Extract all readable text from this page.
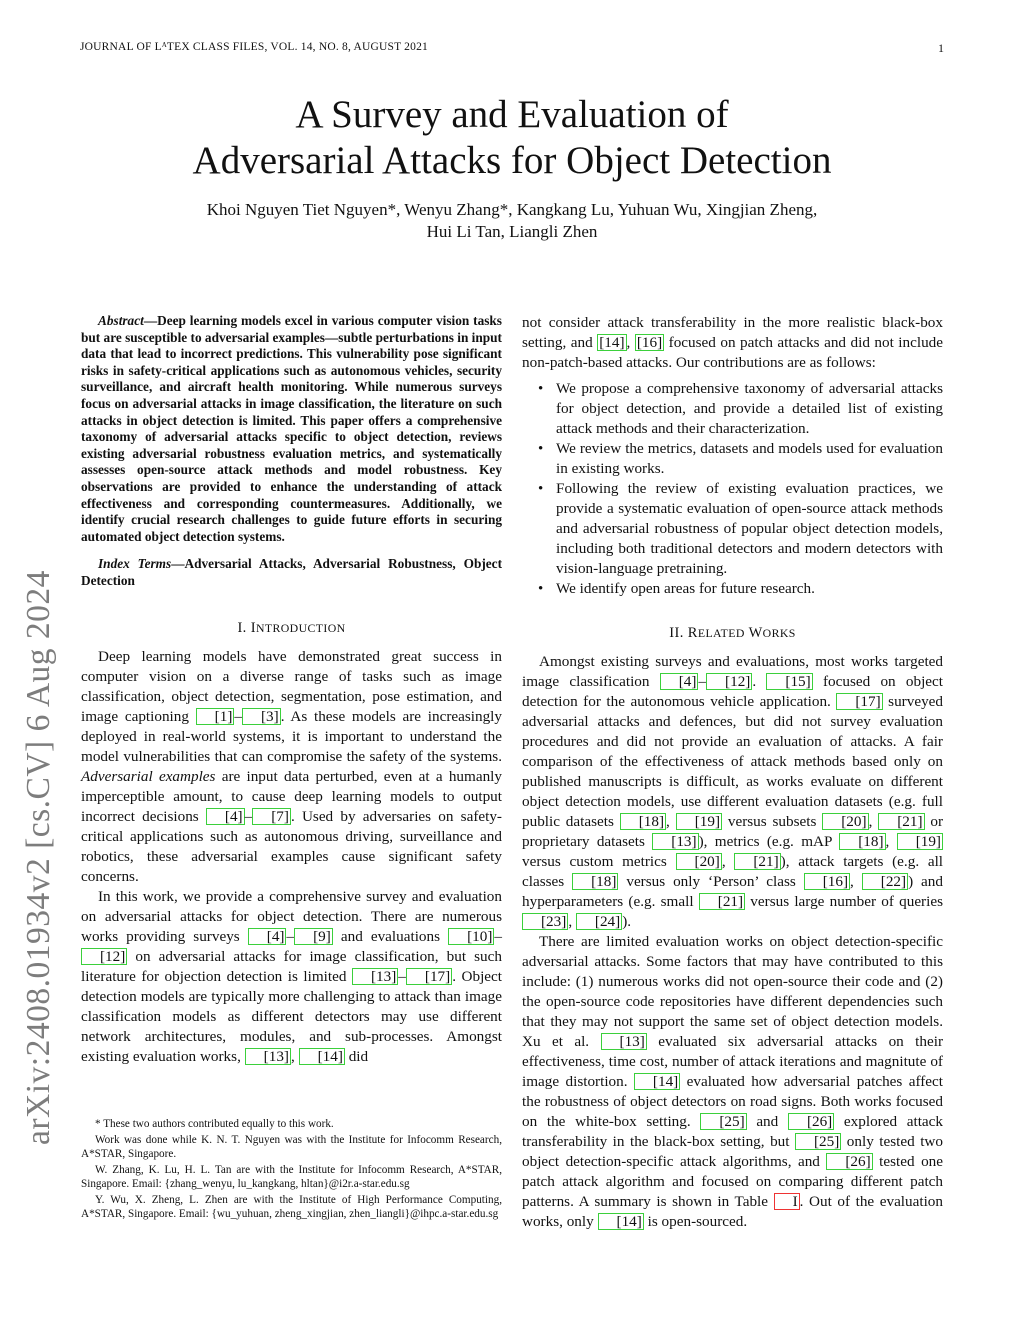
JOURNAL OF LᴬTEX CLASS FILES, VOL. 14, NO. 8, AUGUST 2021	1
arXiv:2408.01934v2 [cs.CV] 6 Aug 2024
A Survey and Evaluation of
Adversarial Attacks for Object Detection
Khoi Nguyen Tiet Nguyen*, Wenyu Zhang*, Kangkang Lu, Yuhuan Wu, Xingjian Zheng,
Hui Li Tan, Liangli Zhen

Abstract—Deep learning models excel in various computer vision tasks but are susceptible to adversarial examples—subtle perturbations in input data that lead to incorrect predictions. This vulnerability pose significant risks in safety-critical applications such as autonomous vehicles, security surveillance, and aircraft health monitoring. While numerous surveys focus on adversarial attacks in image classification, the literature on such attacks in object detection is limited. This paper offers a comprehensive taxonomy of adversarial attacks specific to object detection, reviews existing adversarial robustness evaluation metrics, and systematically assesses open-source attack methods and model robustness. Key observations are provided to enhance the understanding of attack effectiveness and corresponding countermeasures. Additionally, we identify crucial research challenges to guide future efforts in securing automated object detection systems.

Index Terms—Adversarial Attacks, Adversarial Robustness, Object Detection

I. INTRODUCTION

Deep learning models have demonstrated great success in computer vision on a diverse range of tasks such as image classification, object detection, segmentation, pose estimation, and image captioning [1] – [3] . As these models are increasingly deployed in real-world systems, it is important to understand the model vulnerabilities that can compromise the safety of the systems. Adversarial examples are input data perturbed, even at a humanly imperceptible amount, to cause deep learning models to output incorrect decisions [4] – [7] . Used by adversaries on safety-critical applications such as autonomous driving, surveillance and robotics, these adversarial examples cause significant safety concerns.

In this work, we provide a comprehensive survey and evaluation on adversarial attacks for object detection. There are numerous works providing surveys [4] – [9] and evaluations [10] –[12] on adversarial attacks for image classification, but such literature for objection detection is limited [13] – [17] . Object detection models are typically more challenging to attack than image classification models as different detectors may use different network architectures, modules, and sub-processes. Amongst existing evaluation works, [13] , [14] did

* These two authors contributed equally to this work.

Work was done while K. N. T. Nguyen was with the Institute for Infocomm Research, A*STAR, Singapore.

W. Zhang, K. Lu, H. L. Tan are with the Institute for Infocomm Research, A*STAR, Singapore. Email: {zhang_wenyu, lu_kangkang, hltan}@i2r.a-star.edu.sg

Y. Wu, X. Zheng, L. Zhen are with the Institute of High Performance Computing, A*STAR, Singapore. Email: {wu_yuhuan, zheng_xingjian, zhen_liangli}@ihpc.a-star.edu.sg

not consider attack transferability in the more realistic black-box setting, and [14] , [16] focused on patch attacks and did not include non-patch-based attacks. Our contributions are as follows:

• We propose a comprehensive taxonomy of adversarial attacks for object detection, and provide a detailed list of existing attack methods and their characterization.
• We review the metrics, datasets and models used for evaluation in existing works.
• Following the review of existing evaluation practices, we provide a systematic evaluation of open-source attack methods and adversarial robustness of popular object detection models, including both traditional detectors and modern detectors with vision-language pretraining.
• We identify open areas for future research.
II. RELATED WORKS

Amongst existing surveys and evaluations, most works targeted image classification [4] – [12] . [15] focused on object detection for the autonomous vehicle application. [17] surveyed adversarial attacks and defences, but did not survey evaluation procedures and did not provide an evaluation of attacks. A fair comparison of the effectiveness of attack methods based only on published manuscripts is difficult, as works evaluate on different object detection models, use different evaluation datasets (e.g. full public datasets [18] , [19] versus subsets [20] , [21] or proprietary datasets [13] ), metrics (e.g. mAP [18] , [19] versus custom metrics [20] , [21] ), attack targets (e.g. all classes [18] versus only ‘Person’ class [16] , [22] ) and hyperparameters (e.g. small [21] versus large number of queries [23] , [24] ).

There are limited evaluation works on object detection-specific adversarial attacks. Some factors that may have contributed to this include: (1) numerous works did not open-source their code and (2) the open-source code repositories have different dependencies such that they may not support the same set of object detection models. Xu et al. [13] evaluated six adversarial attacks on their effectiveness, time cost, number of attack iterations and magnitute of image distortion. [14] evaluated how adversarial patches affect the robustness of object detectors on road signs. Both works focused on the white-box setting. [25] and [26] explored attack transferability in the black-box setting, but [25] only tested two object detection-specific attack algorithms, and [26] tested one patch attack algorithm and focused on comparing different patch patterns. A summary is shown in Table I . Out of the evaluation works, only [14] is open-sourced.
